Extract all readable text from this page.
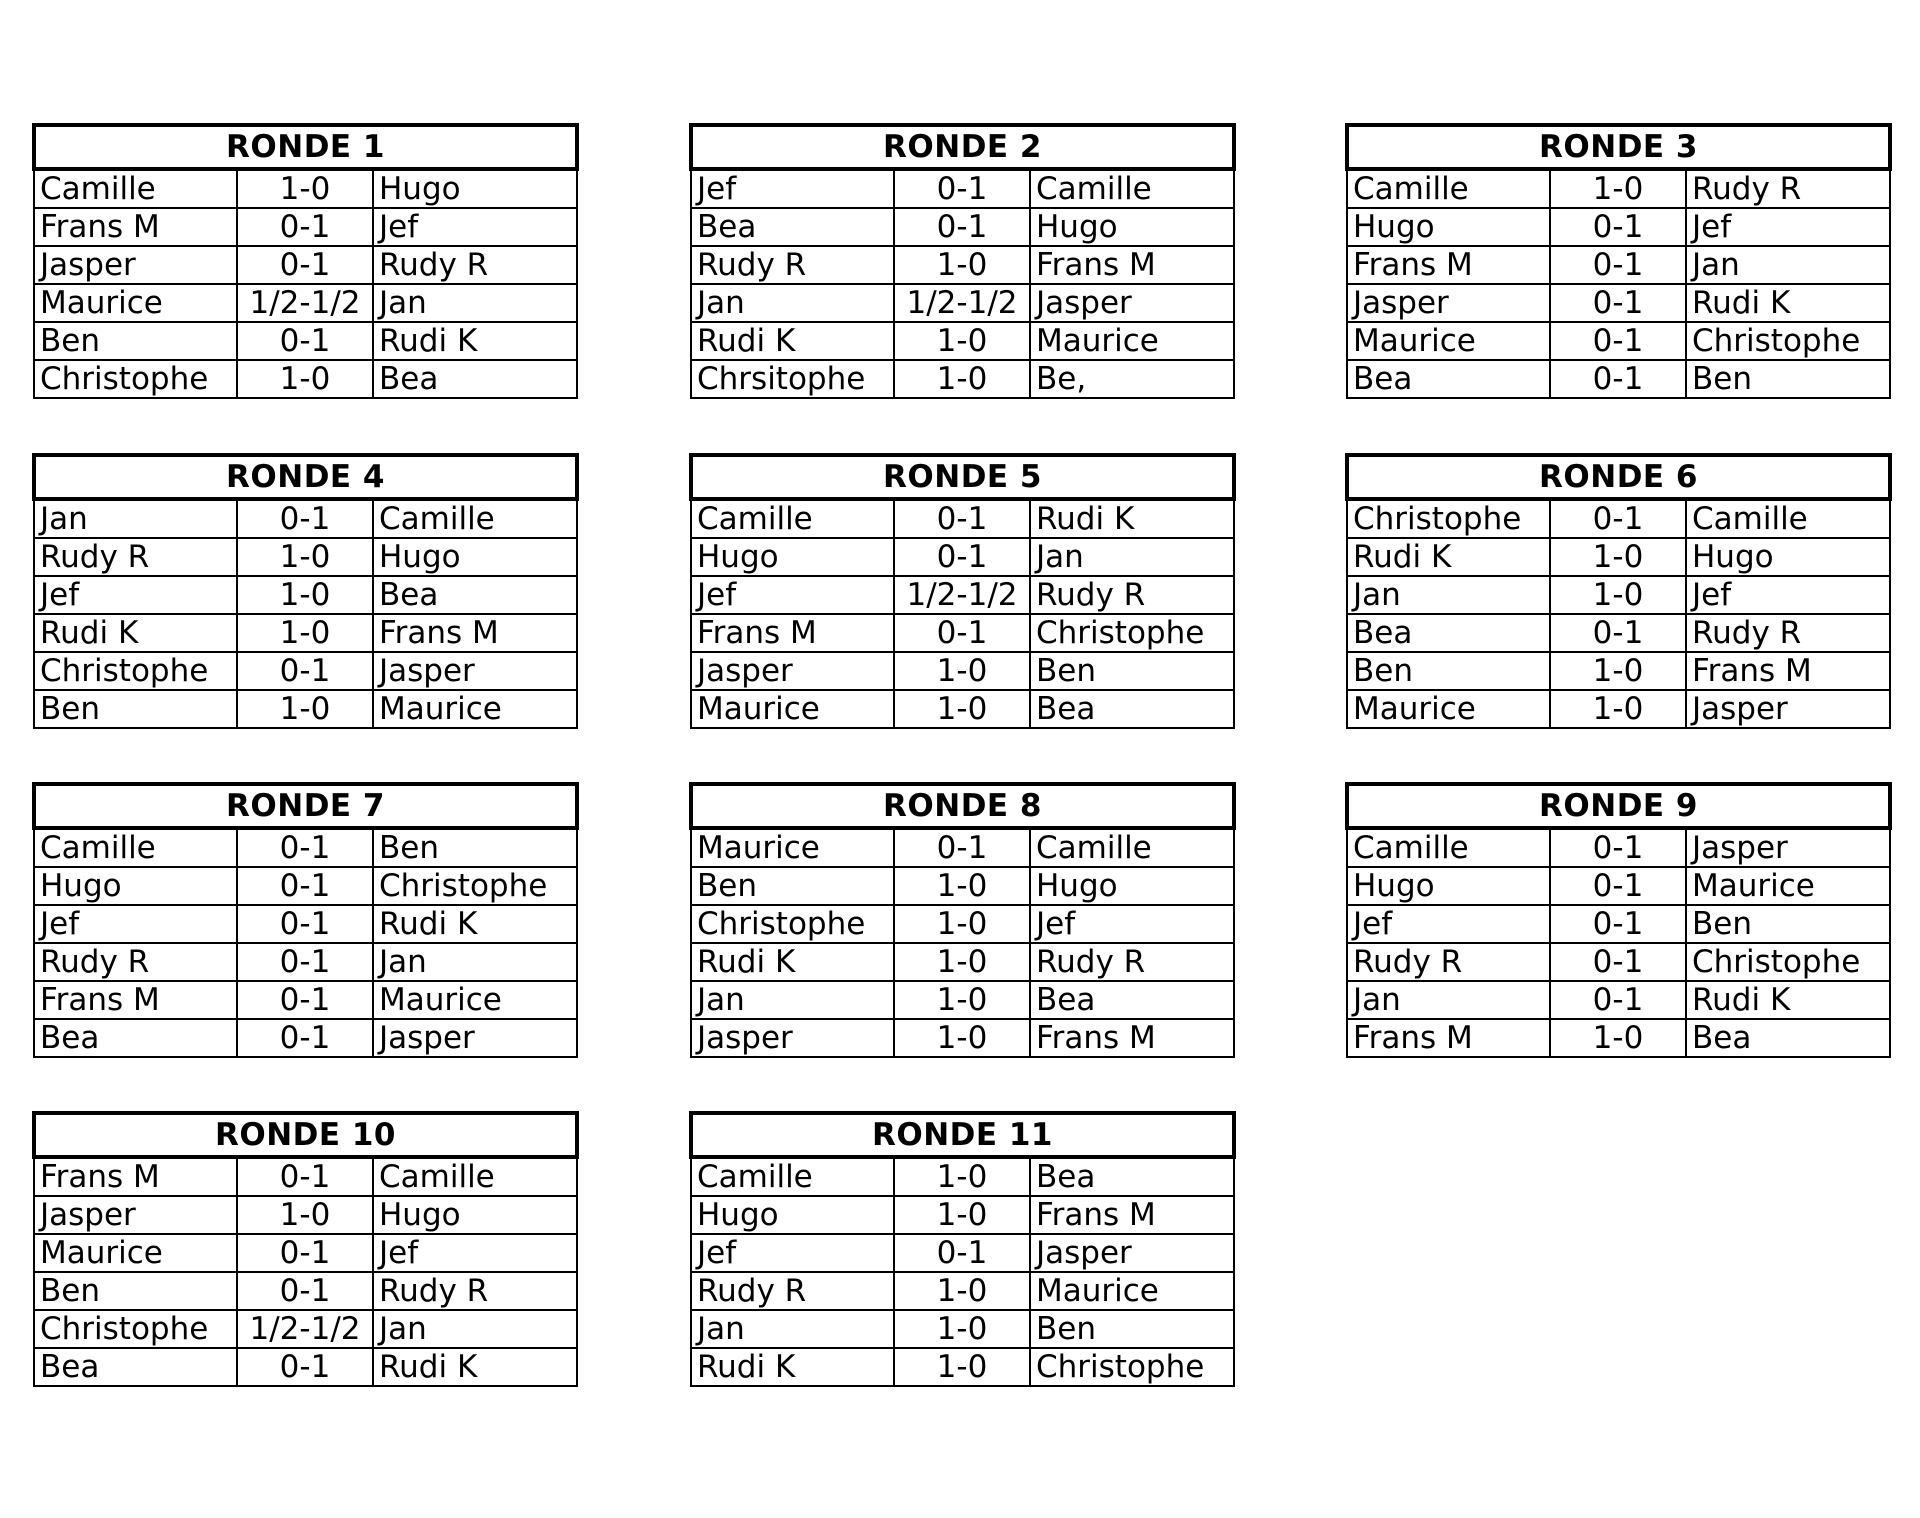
RONDE 1		
Camille	1-0	Hugo
Frans M	0-1	Jef
Jasper	0-1	Rudy R
Maurice	1/2-1/2	Jan
Ben	0-1	Rudi K
Christophe	1-0	Bea
RONDE 2		
Jef	0-1	Camille
Bea	0-1	Hugo
Rudy R	1-0	Frans M
Jan	1/2-1/2	Jasper
Rudi K	1-0	Maurice
Chrsitophe	1-0	Be,
RONDE 3		
Camille	1-0	Rudy R
Hugo	0-1	Jef
Frans M	0-1	Jan
Jasper	0-1	Rudi K
Maurice	0-1	Christophe
Bea	0-1	Ben
RONDE 4		
Jan	0-1	Camille
Rudy R	1-0	Hugo
Jef	1-0	Bea
Rudi K	1-0	Frans M
Christophe	0-1	Jasper
Ben	1-0	Maurice
RONDE 5		
Camille	0-1	Rudi K
Hugo	0-1	Jan
Jef	1/2-1/2	Rudy R
Frans M	0-1	Christophe
Jasper	1-0	Ben
Maurice	1-0	Bea
RONDE 6		
Christophe	0-1	Camille
Rudi K	1-0	Hugo
Jan	1-0	Jef
Bea	0-1	Rudy R
Ben	1-0	Frans M
Maurice	1-0	Jasper
RONDE 7		
Camille	0-1	Ben
Hugo	0-1	Christophe
Jef	0-1	Rudi K
Rudy R	0-1	Jan
Frans M	0-1	Maurice
Bea	0-1	Jasper
RONDE 8		
Maurice	0-1	Camille
Ben	1-0	Hugo
Christophe	1-0	Jef
Rudi K	1-0	Rudy R
Jan	1-0	Bea
Jasper	1-0	Frans M
RONDE 9		
Camille	0-1	Jasper
Hugo	0-1	Maurice
Jef	0-1	Ben
Rudy R	0-1	Christophe
Jan	0-1	Rudi K
Frans M	1-0	Bea
RONDE 10		
Frans M	0-1	Camille
Jasper	1-0	Hugo
Maurice	0-1	Jef
Ben	0-1	Rudy R
Christophe	1/2-1/2	Jan
Bea	0-1	Rudi K
RONDE 11		
Camille	1-0	Bea
Hugo	1-0	Frans M
Jef	0-1	Jasper
Rudy R	1-0	Maurice
Jan	1-0	Ben
Rudi K	1-0	Christophe
